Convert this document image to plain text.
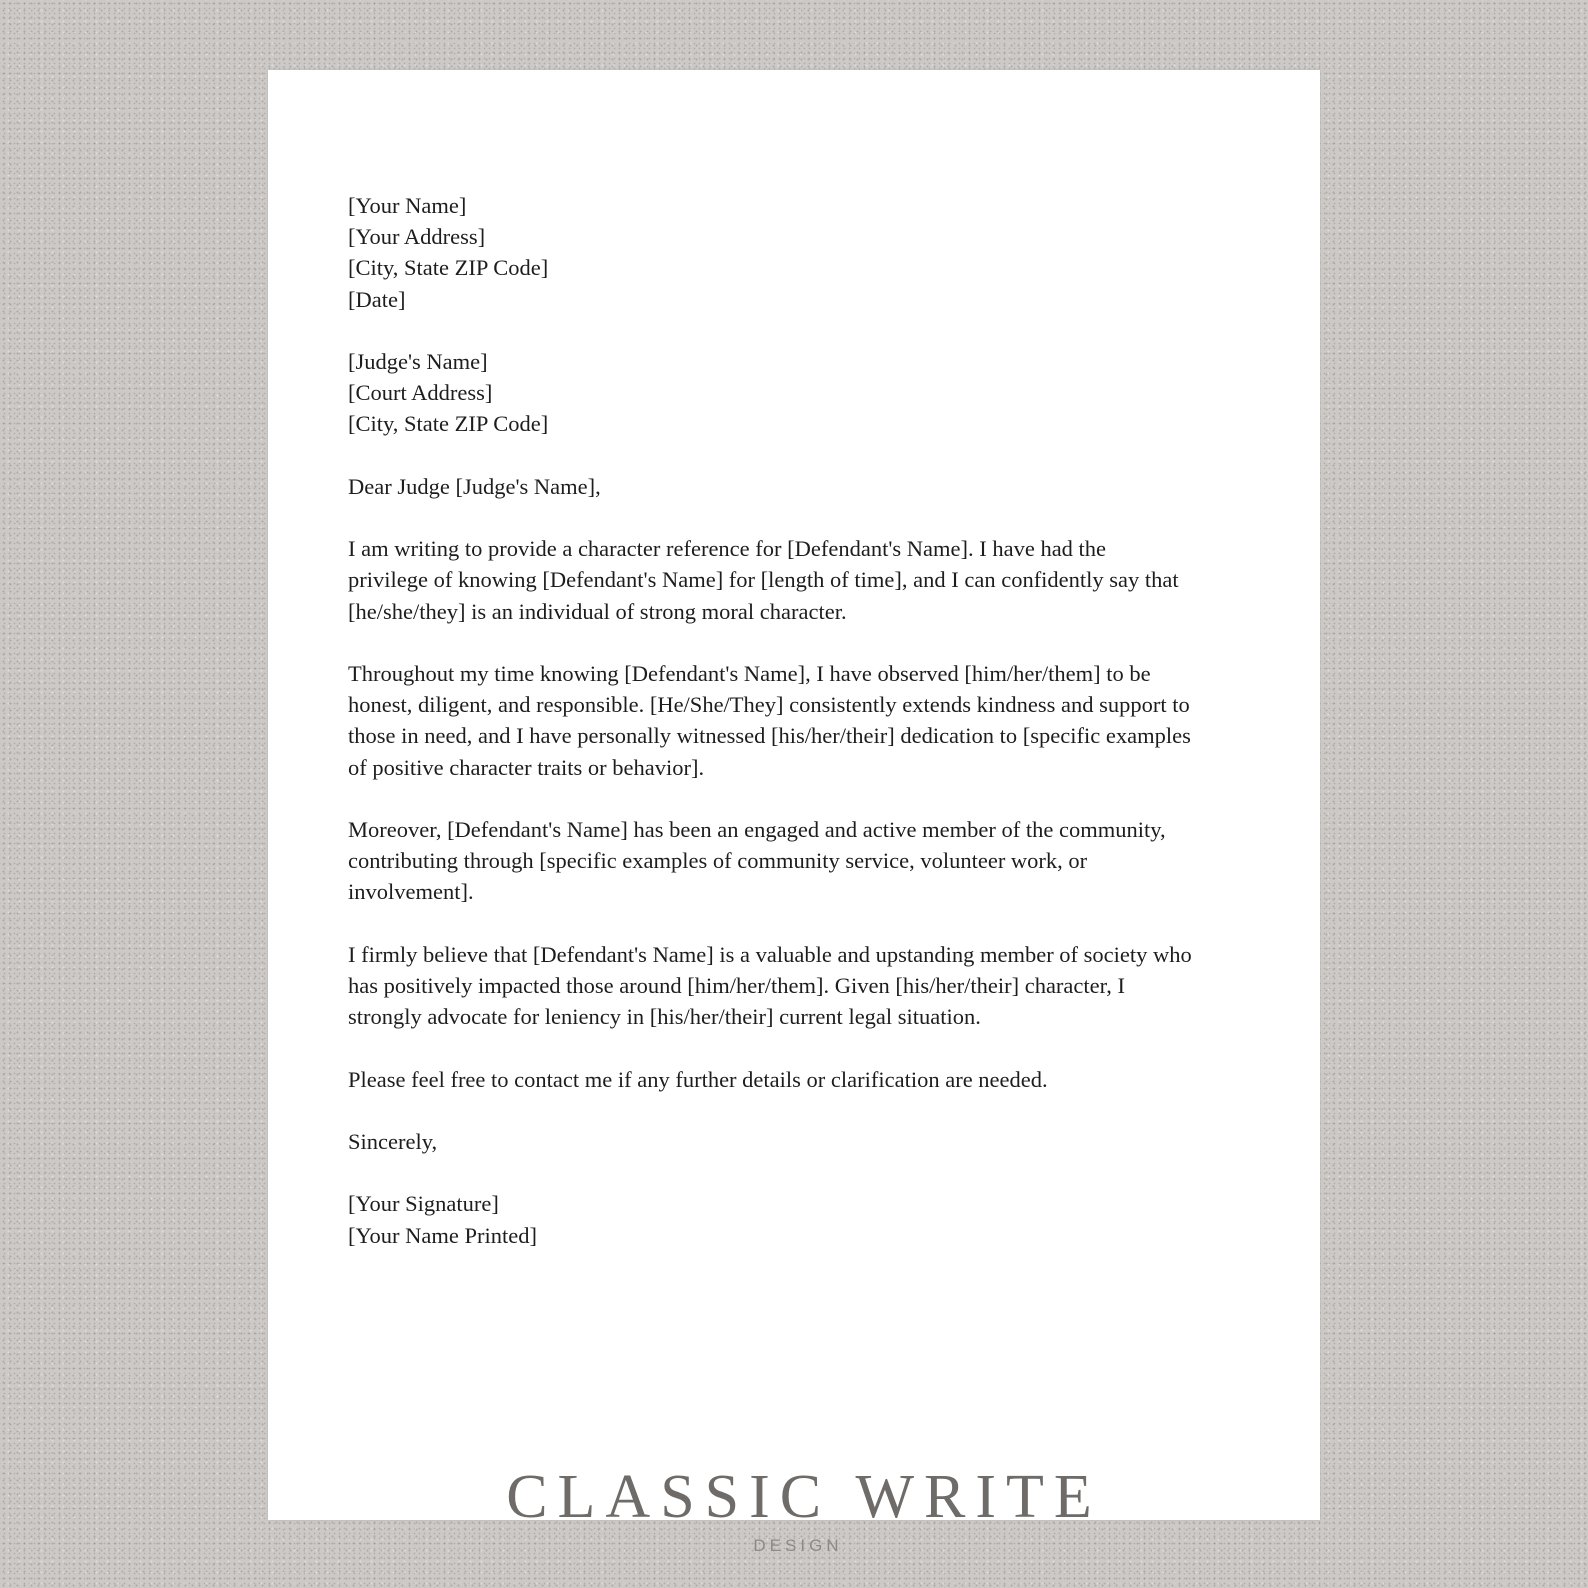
[Your Name]
[Your Address]
[City, State ZIP Code]
[Date]
[Judge's Name]
[Court Address]
[City, State ZIP Code]
Dear Judge [Judge's Name],
I am writing to provide a character reference for [Defendant's Name]. I have had the
privilege of knowing [Defendant's Name] for [length of time], and I can confidently say that
[he/she/they] is an individual of strong moral character.
Throughout my time knowing [Defendant's Name], I have observed [him/her/them] to be
honest, diligent, and responsible. [He/She/They] consistently extends kindness and support to
those in need, and I have personally witnessed [his/her/their] dedication to [specific examples
of positive character traits or behavior].
Moreover, [Defendant's Name] has been an engaged and active member of the community,
contributing through [specific examples of community service, volunteer work, or
involvement].
I firmly believe that [Defendant's Name] is a valuable and upstanding member of society who
has positively impacted those around [him/her/them]. Given [his/her/their] character, I
strongly advocate for leniency in [his/her/their] current legal situation.
Please feel free to contact me if any further details or clarification are needed.
Sincerely,
[Your Signature]
[Your Name Printed]
CLASSIC WRITE
DESIGN
